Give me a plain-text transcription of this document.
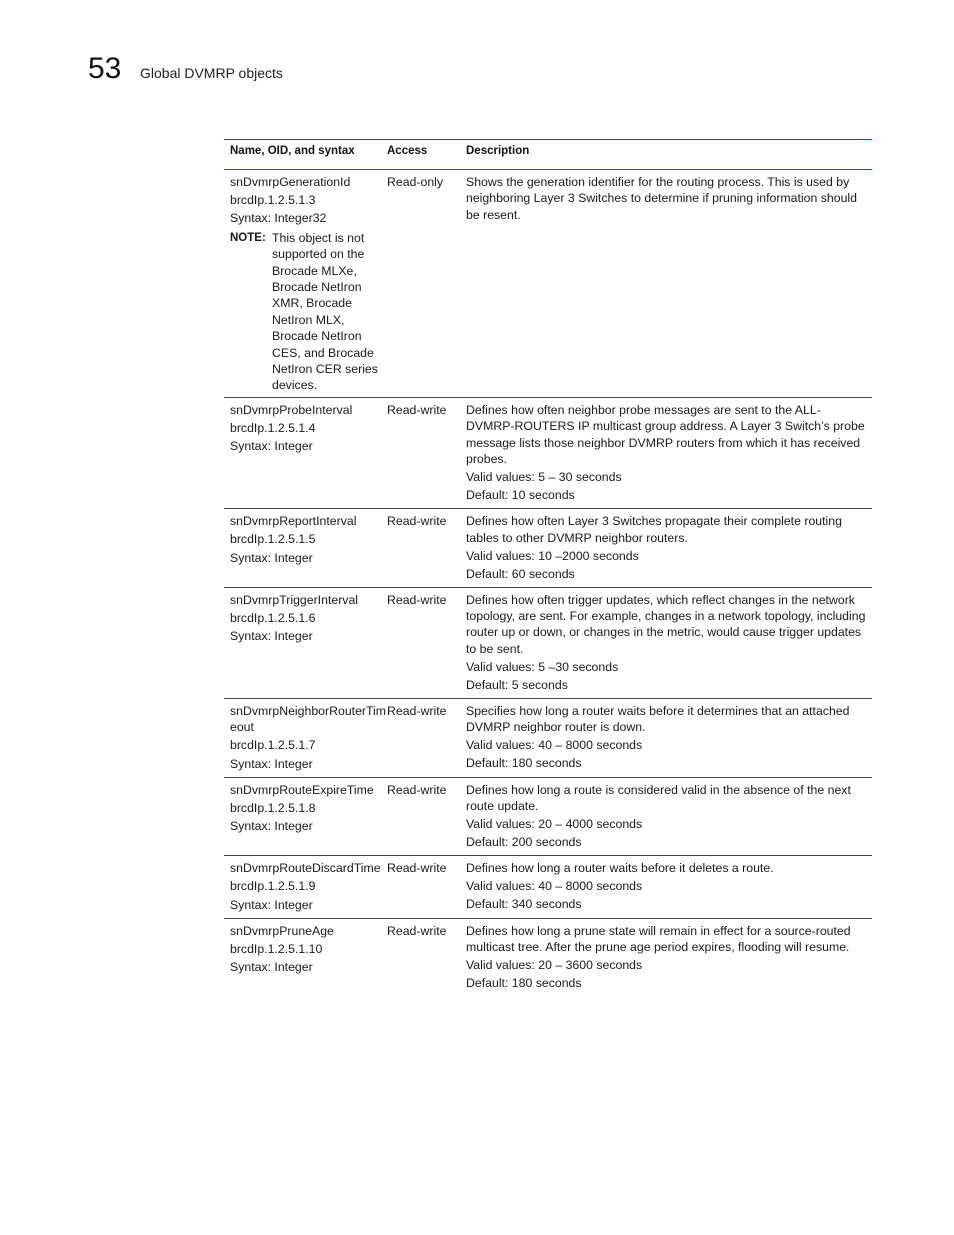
53 Global DVMRP objects
Name, OID, and syntax	Access	Description
snDvmrpGenerationId
brcdIp.1.2.5.1.3
Syntax: Integer32
NOTE: This object is not supported on the Brocade MLXe, Brocade NetIron XMR, Brocade NetIron MLX, Brocade NetIron CES, and Brocade NetIron CER series devices.
Read-only	Shows the generation identifier for the routing process. This is used by neighboring Layer 3 Switches to determine if pruning information should be resent.
snDvmrpProbeInterval
brcdIp.1.2.5.1.4
Syntax: Integer
Read-write	Defines how often neighbor probe messages are sent to the ALL-DVMRP-ROUTERS IP multicast group address. A Layer 3 Switch’s probe message lists those neighbor DVMRP routers from which it has received probes.
Valid values: 5 – 30 seconds
Default: 10 seconds
snDvmrpReportInterval
brcdIp.1.2.5.1.5
Syntax: Integer
Read-write	Defines how often Layer 3 Switches propagate their complete routing tables to other DVMRP neighbor routers.
Valid values: 10 –2000 seconds
Default: 60 seconds
snDvmrpTriggerInterval
brcdIp.1.2.5.1.6
Syntax: Integer
Read-write	Defines how often trigger updates, which reflect changes in the network topology, are sent. For example, changes in a network topology, including router up or down, or changes in the metric, would cause trigger updates to be sent.
Valid values: 5 –30 seconds
Default: 5 seconds
snDvmrpNeighborRouterTimeout
brcdIp.1.2.5.1.7
Syntax: Integer
Read-write	Specifies how long a router waits before it determines that an attached DVMRP neighbor router is down.
Valid values: 40 – 8000 seconds
Default: 180 seconds
snDvmrpRouteExpireTime
brcdIp.1.2.5.1.8
Syntax: Integer
Read-write	Defines how long a route is considered valid in the absence of the next route update.
Valid values: 20 – 4000 seconds
Default: 200 seconds
snDvmrpRouteDiscardTime
brcdIp.1.2.5.1.9
Syntax: Integer
Read-write	Defines how long a router waits before it deletes a route.
Valid values: 40 – 8000 seconds
Default: 340 seconds
snDvmrpPruneAge
brcdIp.1.2.5.1.10
Syntax: Integer
Read-write	Defines how long a prune state will remain in effect for a source-routed multicast tree. After the prune age period expires, flooding will resume.
Valid values: 20 – 3600 seconds
Default: 180 seconds
